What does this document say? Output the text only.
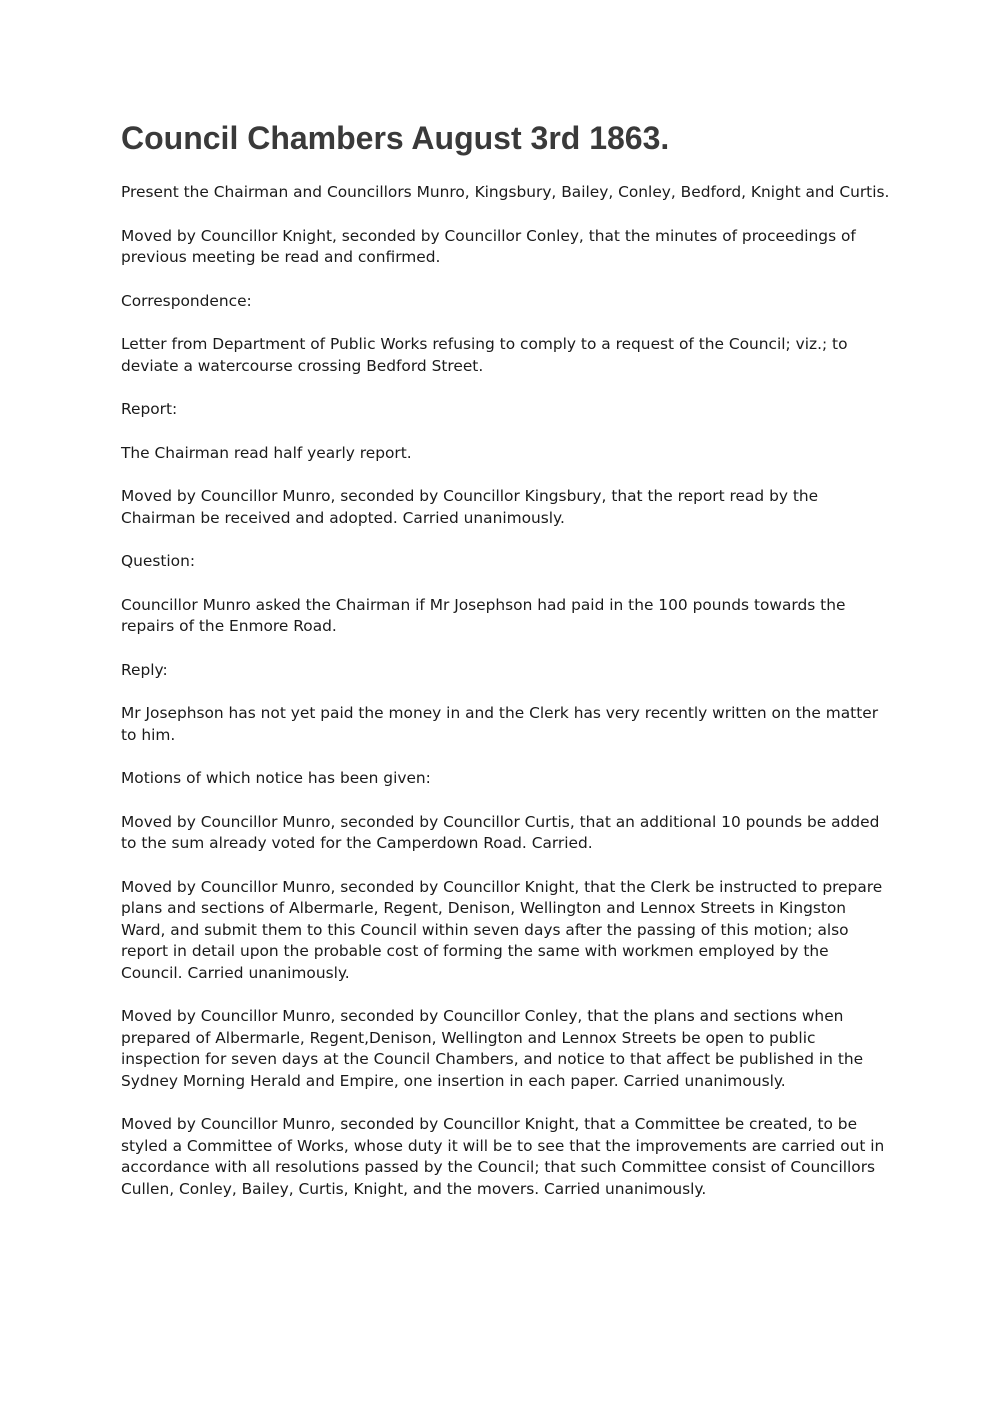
Council Chambers August 3rd 1863.

Present the Chairman and Councillors Munro, Kingsbury, Bailey, Conley, Bedford, Knight and Curtis.

Moved by Councillor Knight, seconded by Councillor Conley, that the minutes of proceedings of previous meeting be read and confirmed.

Correspondence:

Letter from Department of Public Works refusing to comply to a request of the Council; viz.; to deviate a watercourse crossing Bedford Street.

Report:

The Chairman read half yearly report.

Moved by Councillor Munro, seconded by Councillor Kingsbury, that the report read by the Chairman be received and adopted. Carried unanimously.

Question:

Councillor Munro asked the Chairman if Mr Josephson had paid in the 100 pounds towards the repairs of the Enmore Road.

Reply:

Mr Josephson has not yet paid the money in and the Clerk has very recently written on the matter to him.

Motions of which notice has been given:

Moved by Councillor Munro, seconded by Councillor Curtis, that an additional 10 pounds be added to the sum already voted for the Camperdown Road. Carried.

Moved by Councillor Munro, seconded by Councillor Knight, that the Clerk be instructed to prepare plans and sections of Albermarle, Regent, Denison, Wellington and Lennox Streets in Kingston Ward, and submit them to this Council within seven days after the passing of this motion; also report in detail upon the probable cost of forming the same with workmen employed by the Council. Carried unanimously.

Moved by Councillor Munro, seconded by Councillor Conley, that the plans and sections when prepared of Albermarle, Regent,Denison, Wellington and Lennox Streets be open to public inspection for seven days at the Council Chambers, and notice to that affect be published in the Sydney Morning Herald and Empire, one insertion in each paper. Carried unanimously.

Moved by Councillor Munro, seconded by Councillor Knight, that a Committee be created, to be styled a Committee of Works, whose duty it will be to see that the improvements are carried out in accordance with all resolutions passed by the Council; that such Committee consist of Councillors Cullen, Conley, Bailey, Curtis, Knight, and the movers. Carried unanimously.
